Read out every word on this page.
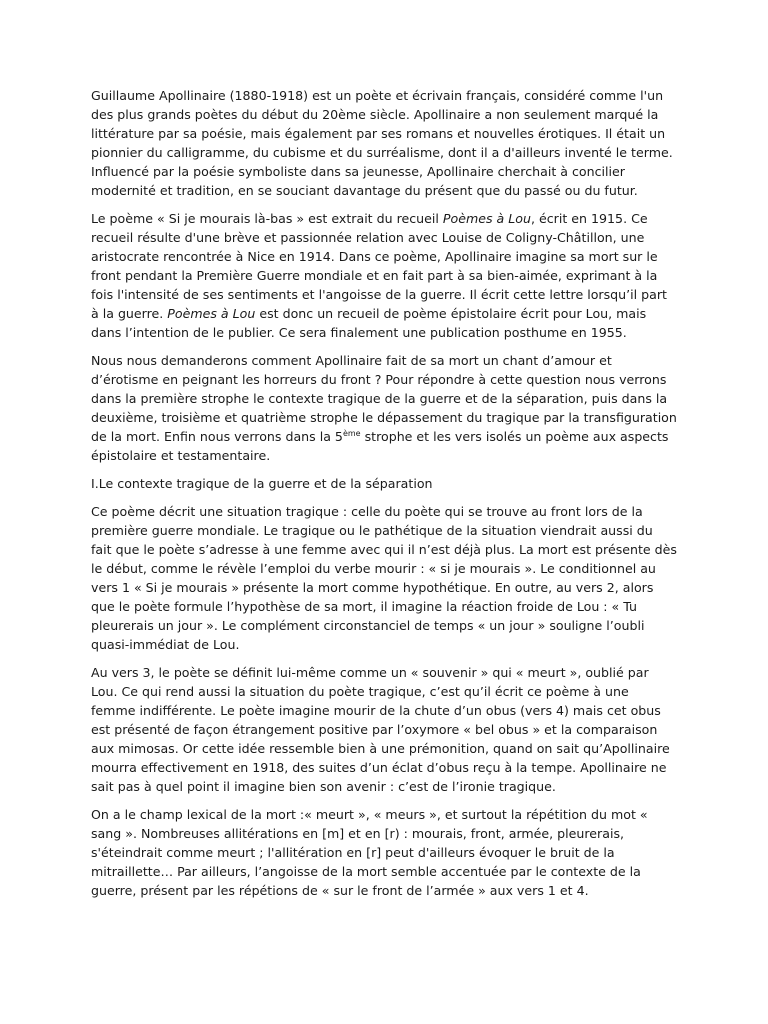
Guillaume Apollinaire (1880-1918) est un poète et écrivain français, considéré comme l'un des plus grands poètes du début du 20ème siècle. Apollinaire a non seulement marqué la littérature par sa poésie, mais également par ses romans et nouvelles érotiques. Il était un pionnier du calligramme, du cubisme et du surréalisme, dont il a d'ailleurs inventé le terme. Influencé par la poésie symboliste dans sa jeunesse, Apollinaire cherchait à concilier modernité et tradition, en se souciant davantage du présent que du passé ou du futur.

Le poème « Si je mourais là-bas » est extrait du recueil Poèmes à Lou, écrit en 1915. Ce recueil résulte d'une brève et passionnée relation avec Louise de Coligny-Châtillon, une aristocrate rencontrée à Nice en 1914. Dans ce poème, Apollinaire imagine sa mort sur le front pendant la Première Guerre mondiale et en fait part à sa bien-aimée, exprimant à la fois l'intensité de ses sentiments et l'angoisse de la guerre. Il écrit cette lettre lorsqu’il part à la guerre. Poèmes à Lou est donc un recueil de poème épistolaire écrit pour Lou, mais dans l’intention de le publier. Ce sera finalement une publication posthume en 1955.

Nous nous demanderons comment Apollinaire fait de sa mort un chant d’amour et d’érotisme en peignant les horreurs du front ? Pour répondre à cette question nous verrons dans la première strophe le contexte tragique de la guerre et de la séparation, puis dans la deuxième, troisième et quatrième strophe le dépassement du tragique par la transfiguration de la mort. Enfin nous verrons dans la 5ème strophe et les vers isolés un poème aux aspects épistolaire et testamentaire.

I.Le contexte tragique de la guerre et de la séparation

Ce poème décrit une situation tragique : celle du poète qui se trouve au front lors de la première guerre mondiale. Le tragique ou le pathétique de la situation viendrait aussi du fait que le poète s’adresse à une femme avec qui il n’est déjà plus. La mort est présente dès le début, comme le révèle l’emploi du verbe mourir : « si je mourais ». Le conditionnel au vers 1 « Si je mourais » présente la mort comme hypothétique. En outre, au vers 2, alors que le poète formule l’hypothèse de sa mort, il imagine la réaction froide de Lou : « Tu pleurerais un jour ». Le complément circonstanciel de temps « un jour » souligne l’oubli quasi-immédiat de Lou.

Au vers 3, le poète se définit lui-même comme un « souvenir » qui « meurt », oublié par Lou. Ce qui rend aussi la situation du poète tragique, c’est qu’il écrit ce poème à une femme indifférente. Le poète imagine mourir de la chute d’un obus (vers 4) mais cet obus est présenté de façon étrangement positive par l’oxymore « bel obus » et la comparaison aux mimosas. Or cette idée ressemble bien à une prémonition, quand on sait qu’Apollinaire mourra effectivement en 1918, des suites d’un éclat d’obus reçu à la tempe. Apollinaire ne sait pas à quel point il imagine bien son avenir : c’est de l’ironie tragique.

On a le champ lexical de la mort :« meurt », « meurs », et surtout la répétition du mot « sang ». Nombreuses allitérations en [m] et en [r) : mourais, front, armée, pleurerais, s'éteindrait comme meurt ; l'allitération en [r] peut d'ailleurs évoquer le bruit de la mitraillette… Par ailleurs, l’angoisse de la mort semble accentuée par le contexte de la guerre, présent par les répétions de « sur le front de l’armée » aux vers 1 et 4.
